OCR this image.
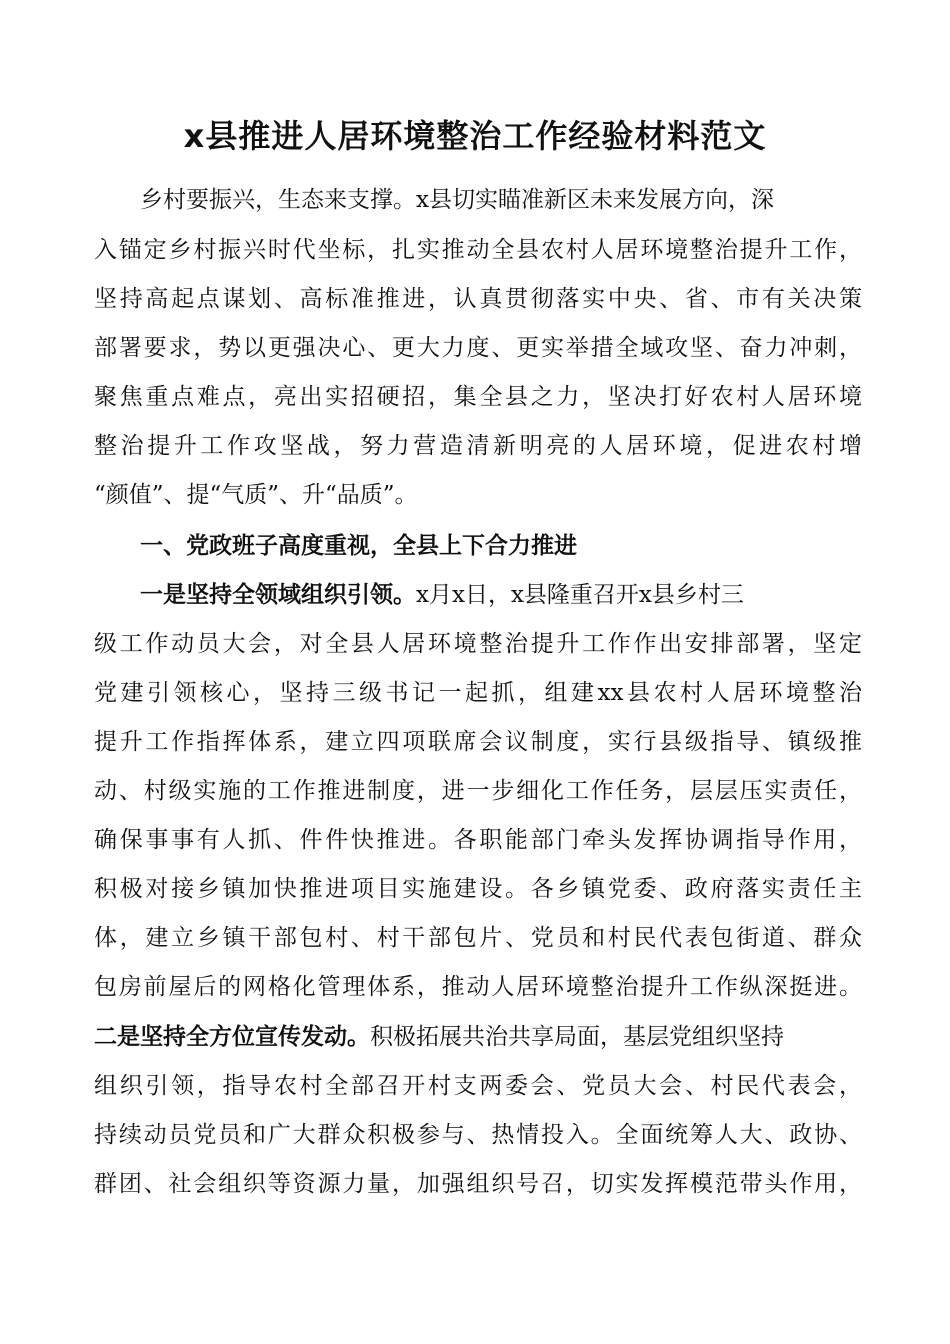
x县推进人居环境整治工作经验材料范文
乡村要振兴，生态来支撑。x县切实瞄准新区未来发展方向，深
入锚定乡村振兴时代坐标，扎实推动全县农村人居环境整治提升工作，
坚持高起点谋划、高标准推进，认真贯彻落实中央、省、市有关决策
部署要求，势以更强决心、更大力度、更实举措全域攻坚、奋力冲刺，
聚焦重点难点，亮出实招硬招，集全县之力，坚决打好农村人居环境
整治提升工作攻坚战，努力营造清新明亮的人居环境，促进农村增
“颜值”、提“气质”、升“品质”。
一、党政班子高度重视，全县上下合力推进
一是坚持全领域组织引领。x月x日，x县隆重召开x县乡村三
级工作动员大会，对全县人居环境整治提升工作作出安排部署，坚定
党建引领核心，坚持三级书记一起抓，组建xx县农村人居环境整治
提升工作指挥体系，建立四项联席会议制度，实行县级指导、镇级推
动、村级实施的工作推进制度，进一步细化工作任务，层层压实责任，
确保事事有人抓、件件快推进。各职能部门牵头发挥协调指导作用，
积极对接乡镇加快推进项目实施建设。各乡镇党委、政府落实责任主
体，建立乡镇干部包村、村干部包片、党员和村民代表包街道、群众
包房前屋后的网格化管理体系，推动人居环境整治提升工作纵深挺进。
二是坚持全方位宣传发动。积极拓展共治共享局面，基层党组织坚持
组织引领，指导农村全部召开村支两委会、党员大会、村民代表会，
持续动员党员和广大群众积极参与、热情投入。全面统筹人大、政协、
群团、社会组织等资源力量，加强组织号召，切实发挥模范带头作用，
